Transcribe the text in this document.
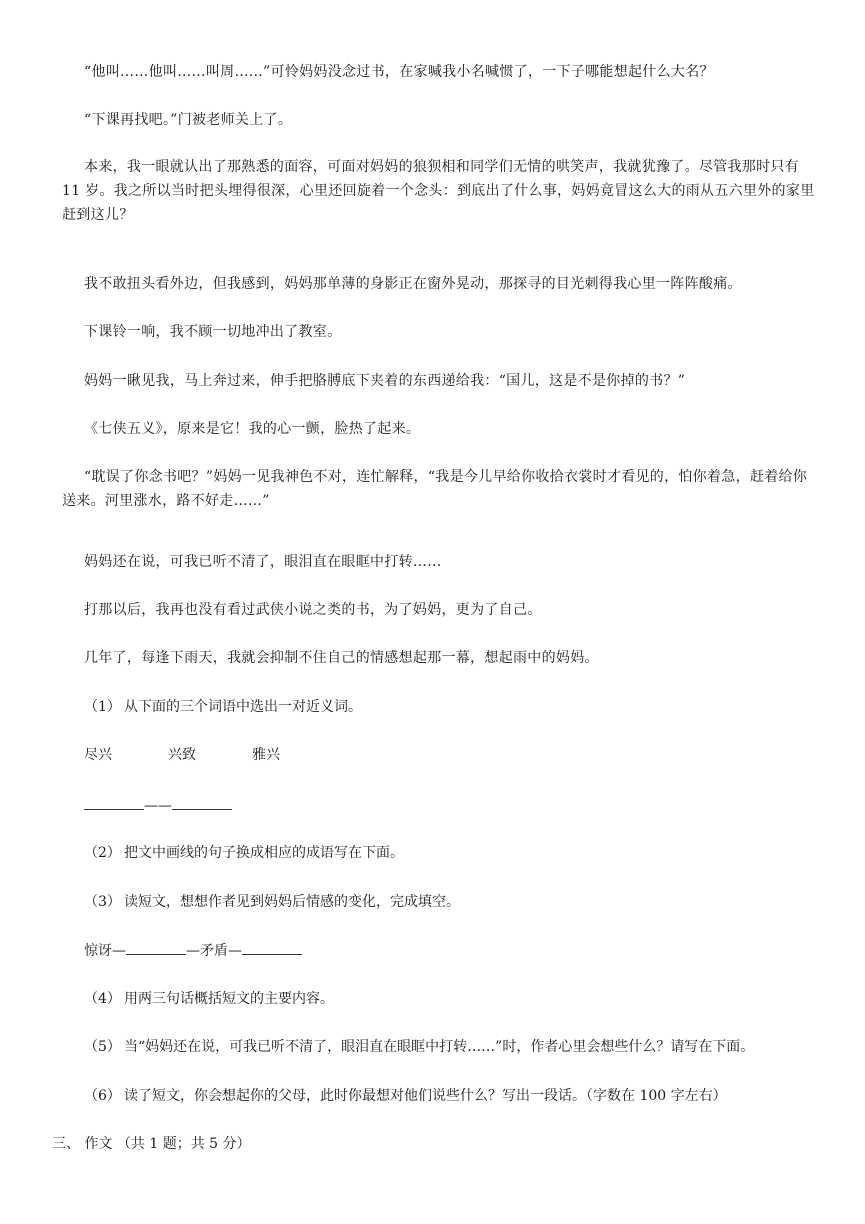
“他叫……他叫……叫周……”可怜妈妈没念过书，在家喊我小名喊惯了，一下子哪能想起什么大名？
“下课再找吧。”门被老师关上了。
本来，我一眼就认出了那熟悉的面容，可面对妈妈的狼狈相和同学们无情的哄笑声，我就犹豫了。尽管我那时只有 11 岁。我之所以当时把头埋得很深，心里还回旋着一个念头：到底出了什么事，妈妈竟冒这么大的雨从五六里外的家里赶到这儿？
我不敢扭头看外边，但我感到，妈妈那单薄的身影正在窗外晃动，那探寻的目光刺得我心里一阵阵酸痛。
下课铃一响，我不顾一切地冲出了教室。
妈妈一瞅见我，马上奔过来，伸手把胳膊底下夹着的东西递给我：“国儿，这是不是你掉的书？”
《七侠五义》，原来是它！我的心一颤，脸热了起来。
“耽误了你念书吧？”妈妈一见我神色不对，连忙解释，“我是今儿早给你收拾衣裳时才看见的，怕你着急，赶着给你送来。河里涨水，路不好走……”
妈妈还在说，可我已听不清了，眼泪直在眼眶中打转……
打那以后，我再也没有看过武侠小说之类的书，为了妈妈，更为了自己。
几年了，每逢下雨天，我就会抑制不住自己的情感想起那一幕，想起雨中的妈妈。
（1） 从下面的三个词语中选出一对近义词。
尽兴	兴致	雅兴
——
（2） 把文中画线的句子换成相应的成语写在下面。
（3） 读短文，想想作者见到妈妈后情感的变化，完成填空。
惊讶—	—矛盾—
（4） 用两三句话概括短文的主要内容。
（5） 当“妈妈还在说，可我已听不清了，眼泪直在眼眶中打转……”时，作者心里会想些什么？请写在下面。
（6） 读了短文，你会想起你的父母，此时你最想对他们说些什么？写出一段话。（字数在 100 字左右）
三、 作文 （共 1 题；共 5 分）
